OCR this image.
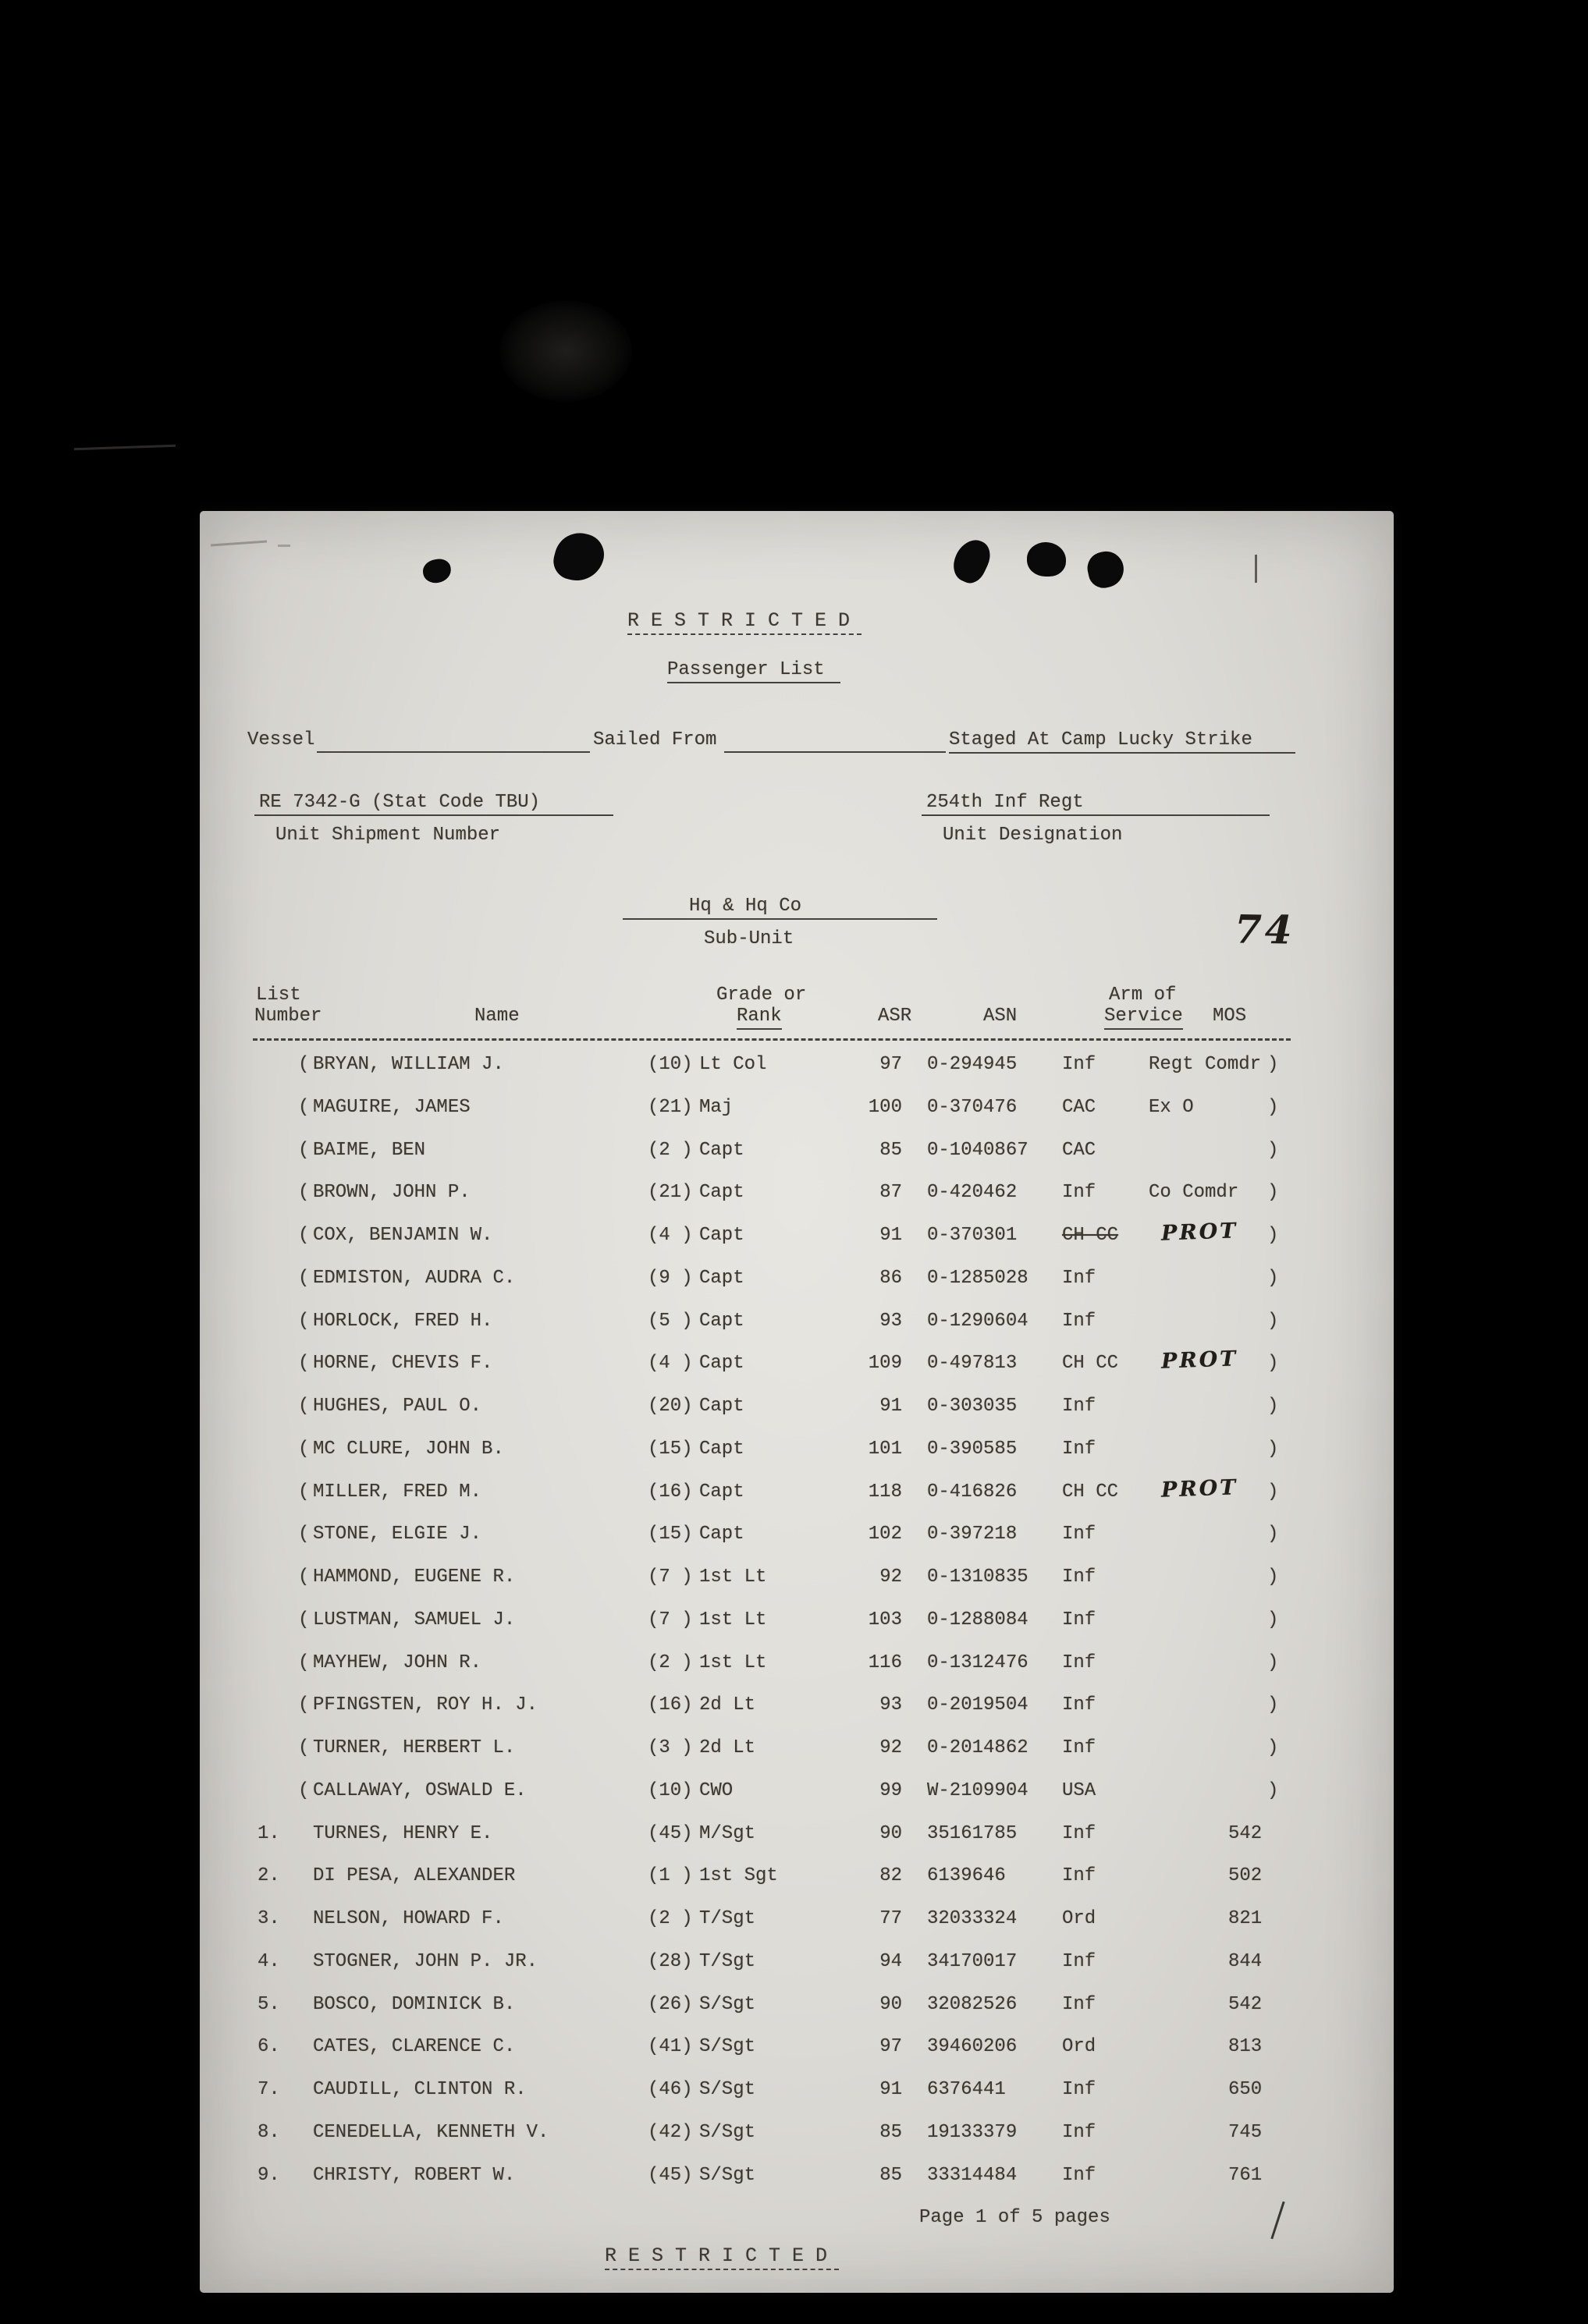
RESTRICTED
Passenger List
Vessel	Sailed From	Staged At Camp Lucky Strike
RE 7342-G (Stat Code TBU)
Unit Shipment Number
254th Inf Regt
Unit Designation
Hq & Hq Co
Sub-Unit	74
List
Number	Name
Grade or
Rank	ASR	ASN
Arm of
Service MOS
( BRYAN, WILLIAM J.	(10) Lt Col	97 0-294945 Inf	Regt Comdr )
( MAGUIRE, JAMES	(21) Maj	100 0-370476 CAC	Ex O	)
( BAIME, BEN	(2 ) Capt	85 0-1040867 CAC	)
( BROWN, JOHN P.	(21) Capt	87 0-420462 Inf	Co Comdr )
( COX, BENJAMIN W.	(4 ) Capt	91 0-370301 CH CC PROT )
( EDMISTON, AUDRA C.	(9 ) Capt	86 0-1285028 Inf	)
( HORLOCK, FRED H.	(5 ) Capt	93 0-1290604 Inf	)
( HORNE, CHEVIS F.	(4 ) Capt	109 0-497813 CH CC PROT )
( HUGHES, PAUL O.	(20) Capt	91 0-303035 Inf	)
( MC CLURE, JOHN B.	(15) Capt	101 0-390585 Inf	)
( MILLER, FRED M.	(16) Capt	118 0-416826 CH CC PROT )
( STONE, ELGIE J.	(15) Capt	102 0-397218 Inf	)
( HAMMOND, EUGENE R.	(7 ) 1st Lt	92 0-1310835 Inf	)
( LUSTMAN, SAMUEL J.	(7 ) 1st Lt	103 0-1288084 Inf	)
( MAYHEW, JOHN R.	(2 ) 1st Lt	116 0-1312476 Inf	)
( PFINGSTEN, ROY H. J.	(16) 2d Lt	93 0-2019504 Inf	)
( TURNER, HERBERT L.	(3 ) 2d Lt	92 0-2014862 Inf	)
( CALLAWAY, OSWALD E.	(10) CWO	99 W-2109904 USA	)
1. TURNES, HENRY E.	(45) M/Sgt	90 35161785 Inf	542
2. DI PESA, ALEXANDER	(1 ) 1st Sgt	82 6139646	Inf	502
3. NELSON, HOWARD F.	(2 ) T/Sgt	77 32033324 Ord	821
4. STOGNER, JOHN P. JR.	(28) T/Sgt	94 34170017 Inf	844
5. BOSCO, DOMINICK B.	(26) S/Sgt	90 32082526 Inf	542
6. CATES, CLARENCE C.	(41) S/Sgt	97 39460206 Ord	813
7. CAUDILL, CLINTON R.	(46) S/Sgt	91 6376441	Inf	650
8. CENEDELLA, KENNETH V.	(42) S/Sgt	85 19133379 Inf	745
9. CHRISTY, ROBERT W.	(45) S/Sgt	85 33314484 Inf	761
Page 1 of 5 pages
RESTRICTED
